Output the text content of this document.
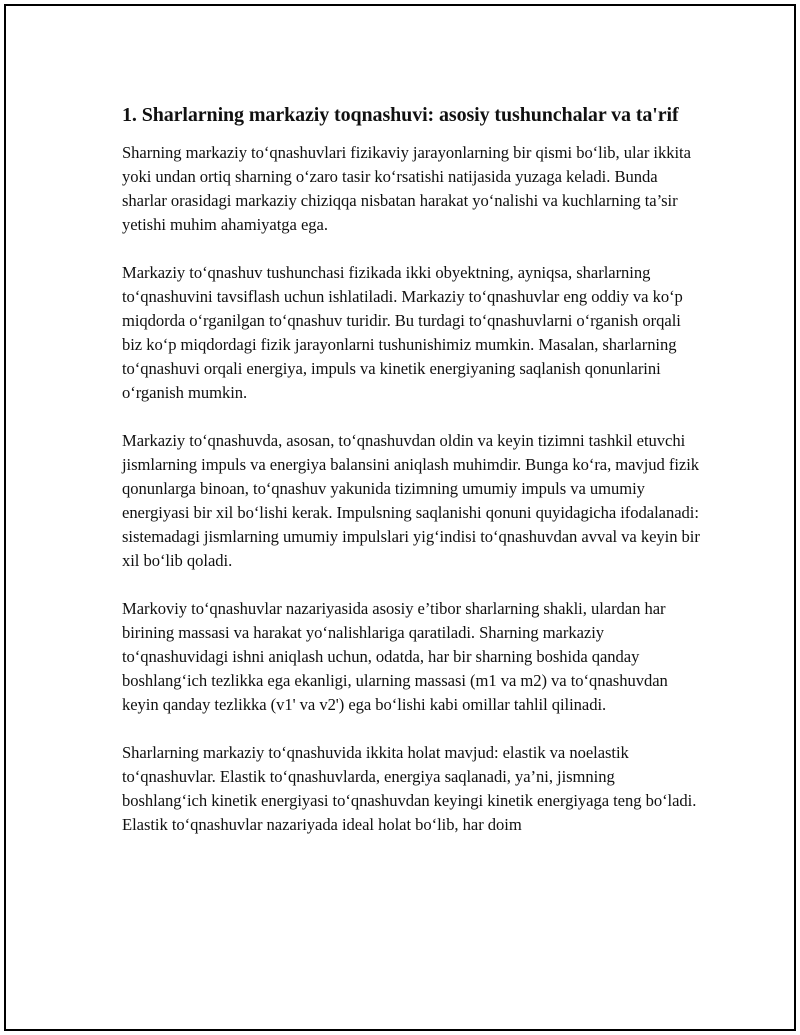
1. Sharlarning markaziy toqnashuvi: asosiy tushunchalar va ta'rif

Sharning markaziy to‘qnashuvlari fizikaviy jarayonlarning bir qismi bo‘lib, ular ikkita yoki undan ortiq sharning o‘zaro tasir ko‘rsatishi natijasida yuzaga keladi. Bunda sharlar orasidagi markaziy chiziqqa nisbatan harakat yo‘nalishi va kuchlarning ta’sir yetishi muhim ahamiyatga ega.

Markaziy to‘qnashuv tushunchasi fizikada ikki obyektning, ayniqsa, sharlarning to‘qnashuvini tavsiflash uchun ishlatiladi. Markaziy to‘qnashuvlar eng oddiy va ko‘p miqdorda o‘rganilgan to‘qnashuv turidir. Bu turdagi to‘qnashuvlarni o‘rganish orqali biz ko‘p miqdordagi fizik jarayonlarni tushunishimiz mumkin. Masalan, sharlarning to‘qnashuvi orqali energiya, impuls va kinetik energiyaning saqlanish qonunlarini o‘rganish mumkin.

Markaziy to‘qnashuvda, asosan, to‘qnashuvdan oldin va keyin tizimni tashkil etuvchi jismlarning impuls va energiya balansini aniqlash muhimdir. Bunga ko‘ra, mavjud fizik qonunlarga binoan, to‘qnashuv yakunida tizimning umumiy impuls va umumiy energiyasi bir xil bo‘lishi kerak. Impulsning saqlanishi qonuni quyidagicha ifodalanadi: sistemadagi jismlarning umumiy impulslari yig‘indisi to‘qnashuvdan avval va keyin bir xil bo‘lib qoladi.

Markoviy to‘qnashuvlar nazariyasida asosiy e’tibor sharlarning shakli, ulardan har birining massasi va harakat yo‘nalishlariga qaratiladi. Sharning markaziy to‘qnashuvidagi ishni aniqlash uchun, odatda, har bir sharning boshida qanday boshlang‘ich tezlikka ega ekanligi, ularning massasi (m1 va m2) va to‘qnashuvdan keyin qanday tezlikka (v1' va v2') ega bo‘lishi kabi omillar tahlil qilinadi.

Sharlarning markaziy to‘qnashuvida ikkita holat mavjud: elastik va noelastik to‘qnashuvlar. Elastik to‘qnashuvlarda, energiya saqlanadi, ya’ni, jismning boshlang‘ich kinetik energiyasi to‘qnashuvdan keyingi kinetik energiyaga teng bo‘ladi. Elastik to‘qnashuvlar nazariyada ideal holat bo‘lib, har doim
